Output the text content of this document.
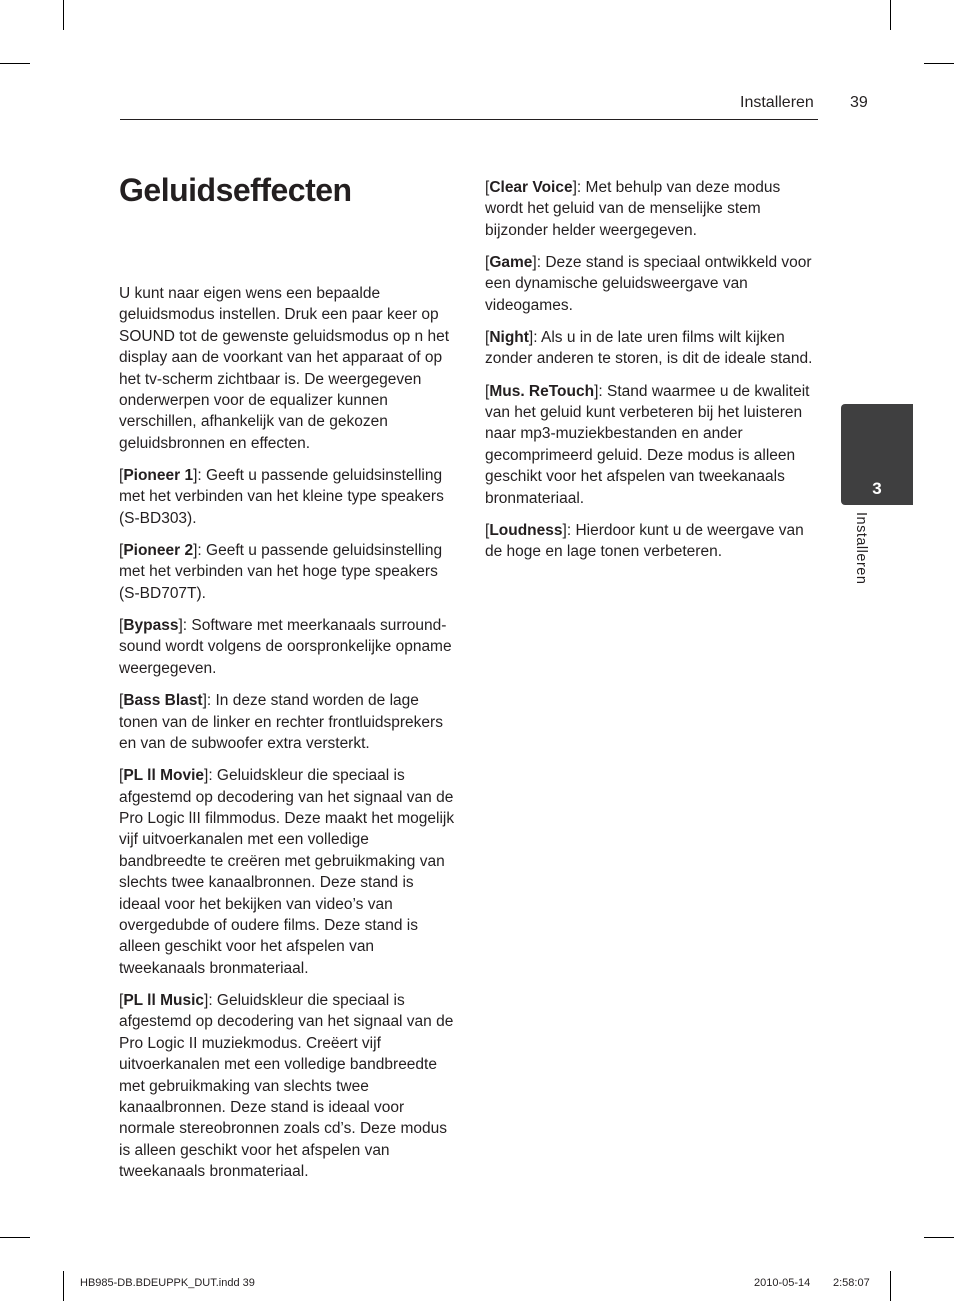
Installeren 39
Geluidseffecten

U kunt naar eigen wens een bepaalde geluidsmodus instellen. Druk een paar keer op SOUND tot de gewenste geluidsmodus op n het display aan de voorkant van het apparaat of op het tv-scherm zichtbaar is. De weergegeven onderwerpen voor de equalizer kunnen verschillen, afhankelijk van de gekozen geluidsbronnen en effecten.

[Pioneer 1]: Geeft u passende geluidsinstelling met het verbinden van het kleine type speakers (S-BD303).

[Pioneer 2]: Geeft u passende geluidsinstelling met het verbinden van het hoge type speakers (S-BD707T).

[Bypass]: Software met meerkanaals surround-sound wordt volgens de oorspronkelijke opname weergegeven.

[Bass Blast]: In deze stand worden de lage tonen van de linker en rechter frontluidsprekers en van de subwoofer extra versterkt.

[PL ll Movie]: Geluidskleur die speciaal is afgestemd op decodering van het signaal van de Pro Logic lII filmmodus. Deze maakt het mogelijk vijf uitvoerkanalen met een volledige bandbreedte te creëren met gebruikmaking van slechts twee kanaalbronnen. Deze stand is ideaal voor het bekijken van video’s van overgedubde of oudere films. Deze stand is alleen geschikt voor het afspelen van tweekanaals bronmateriaal.

[PL ll Music]: Geluidskleur die speciaal is afgestemd op decodering van het signaal van de Pro Logic II muziekmodus. Creëert vijf uitvoerkanalen met een volledige bandbreedte met gebruikmaking van slechts twee kanaalbronnen. Deze stand is ideaal voor normale stereobronnen zoals cd’s. Deze modus is alleen geschikt voor het afspelen van tweekanaals bronmateriaal.

[Clear Voice]: Met behulp van deze modus wordt het geluid van de menselijke stem bijzonder helder weergegeven.

[Game]: Deze stand is speciaal ontwikkeld voor een dynamische geluidsweergave van videogames.

[Night]: Als u in de late uren films wilt kijken zonder anderen te storen, is dit de ideale stand.

[Mus. ReTouch]: Stand waarmee u de kwaliteit van het geluid kunt verbeteren bij het luisteren naar mp3-muziekbestanden en ander gecomprimeerd geluid. Deze modus is alleen geschikt voor het afspelen van tweekanaals bronmateriaal.

[Loudness]: Hierdoor kunt u de weergave van de hoge en lage tonen verbeteren.

3
Installeren
HB985-DB.BDEUPPK_DUT.indd 39	2010-05-14 2:58:07
